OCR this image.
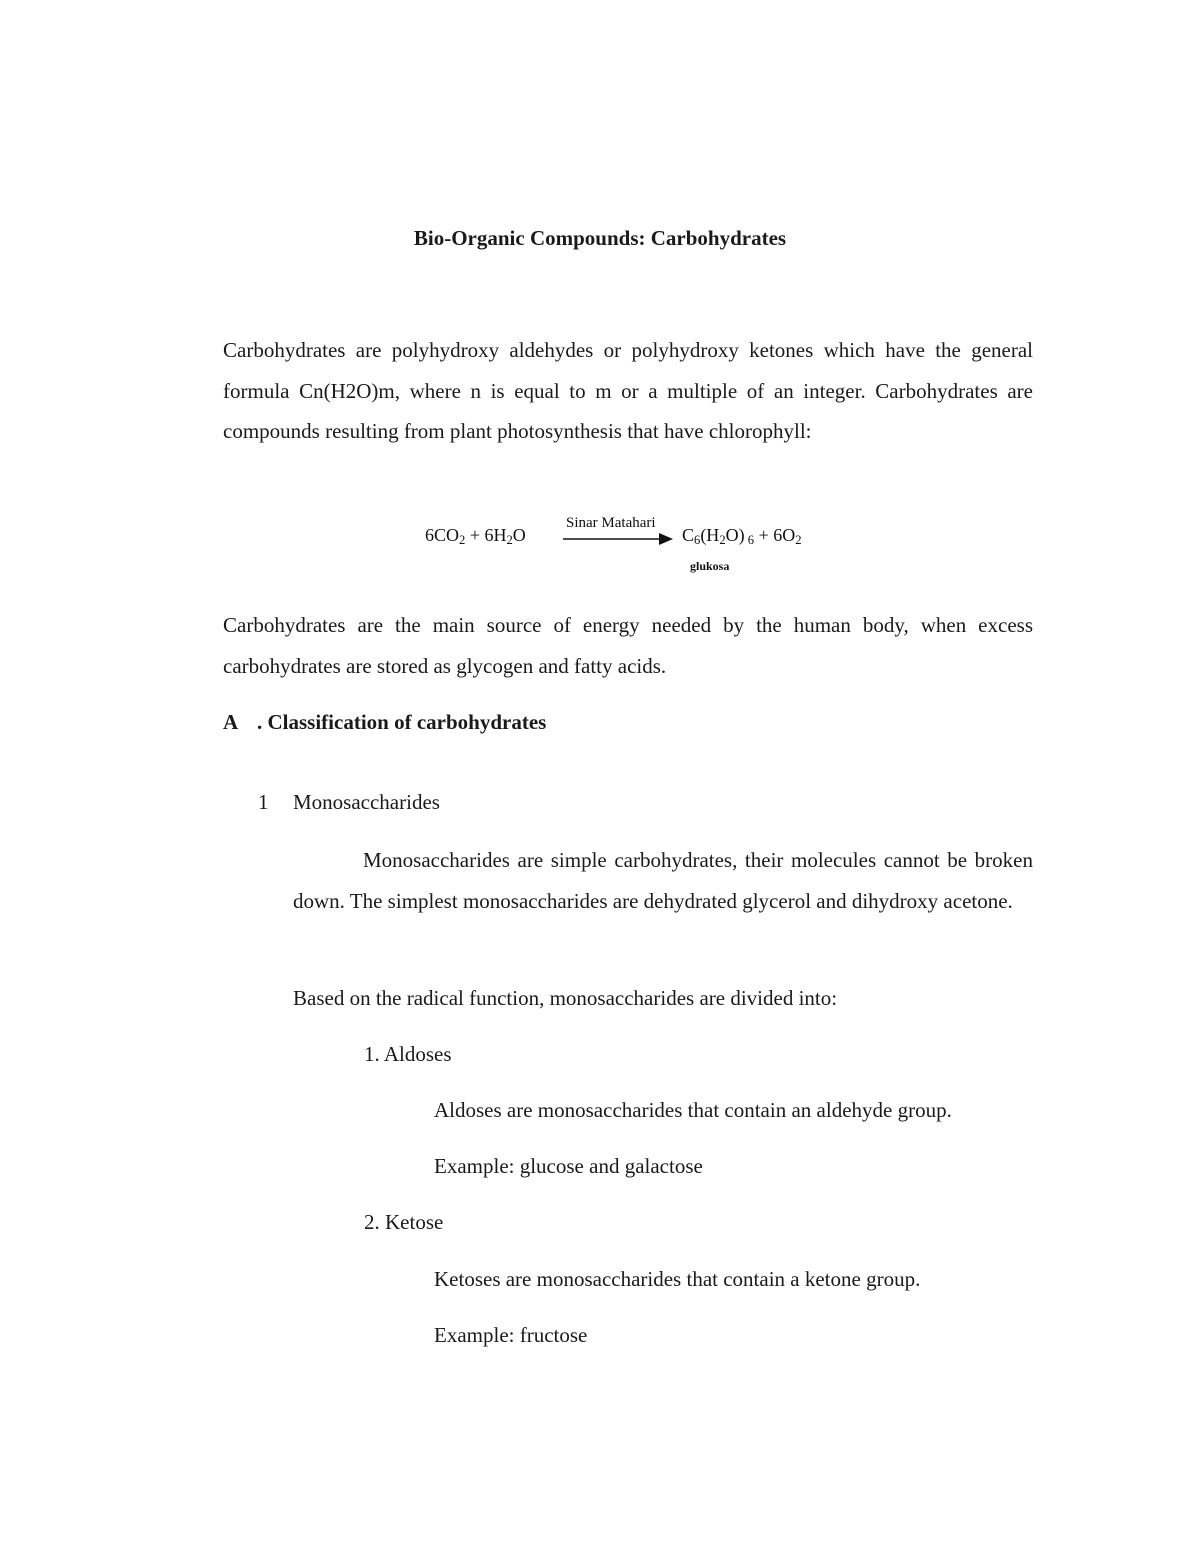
Bio-Organic Compounds: Carbohydrates

Carbohydrates are polyhydroxy aldehydes or polyhydroxy ketones which have the general formula Cn(H2O)m, where n is equal to m or a multiple of an integer. Carbohydrates are compounds resulting from plant photosynthesis that have chlorophyll:

$6CO_2 + 6H_2O$
Sinar Matahari
$C_6(H_2O) _6 + 6O_2$
glukosa

Carbohydrates are the main source of energy needed by the human body, when excess carbohydrates are stored as glycogen and fatty acids.

A . Classification of carbohydrates
1 Monosaccharides

Monosaccharides are simple carbohydrates, their molecules cannot be broken down. The simplest monosaccharides are dehydrated glycerol and dihydroxy acetone.

Based on the radical function, monosaccharides are divided into:
1. Aldoses
Aldoses are monosaccharides that contain an aldehyde group.
Example: glucose and galactose
2. Ketose
Ketoses are monosaccharides that contain a ketone group.
Example: fructose
